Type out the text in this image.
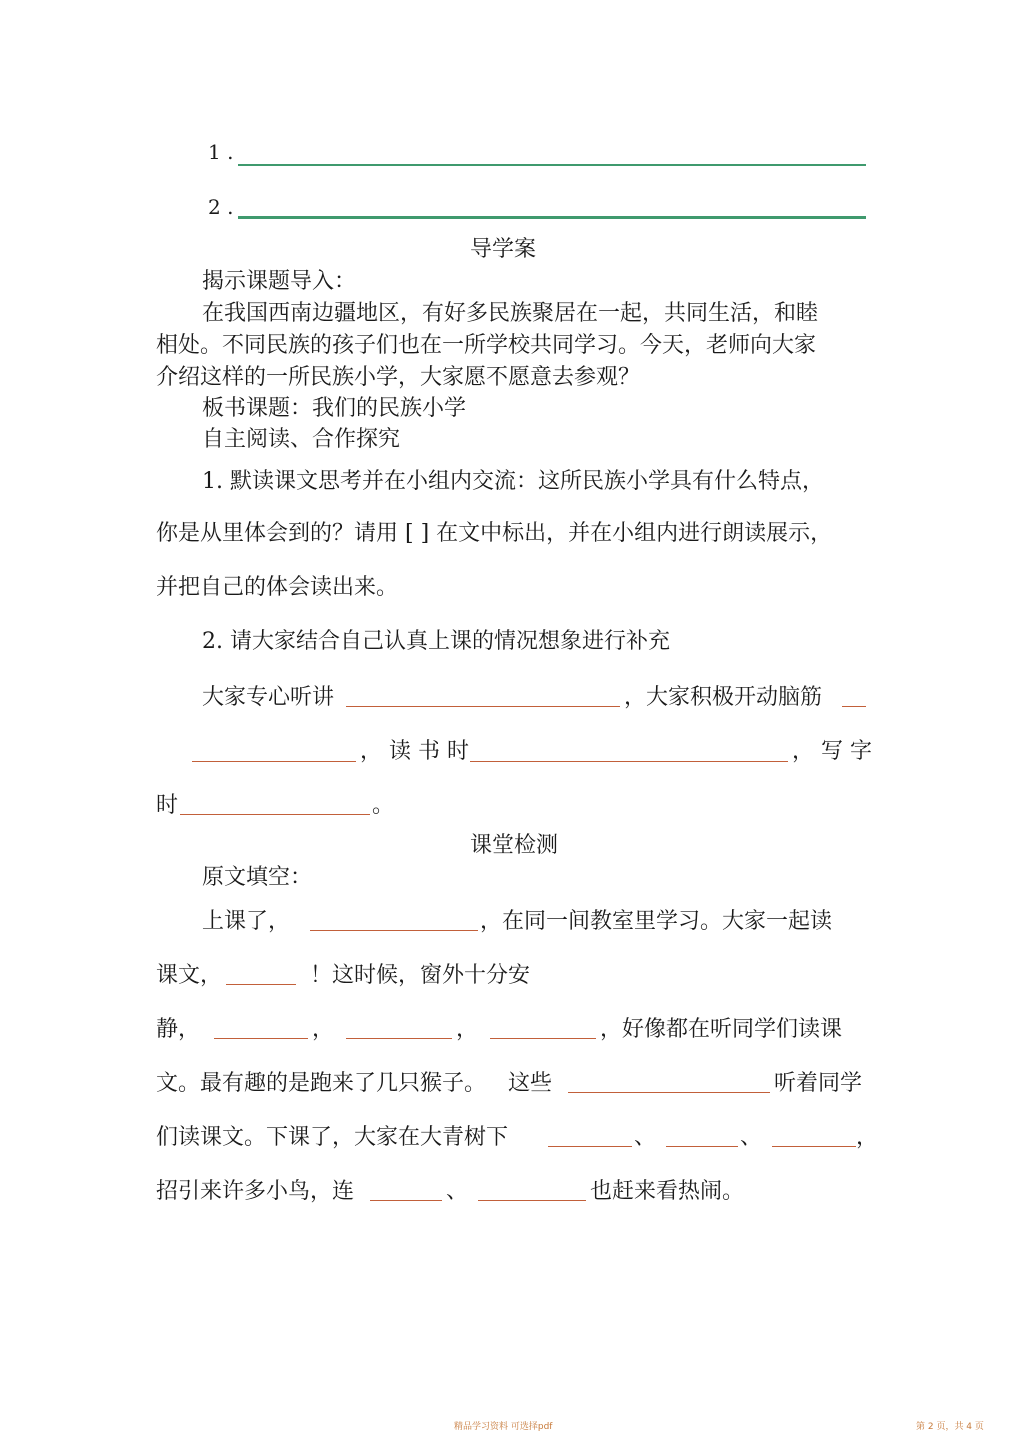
1 .
2 .
导学案
揭示课题导入：
在我国西南边疆地区，有好多民族聚居在一起，共同生活，和睦
相处。不同民族的孩子们也在一所学校共同学习。今天，老师向大家
介绍这样的一所民族小学，大家愿不愿意去参观？
板书课题：我们的民族小学
自主阅读、合作探究
1. 默读课文思考并在小组内交流：这所民族小学具有什么特点，
你是从里体会到的？请用 [ ] 在文中标出，并在小组内进行朗读展示，
并把自己的体会读出来。
2. 请大家结合自己认真上课的情况想象进行补充
大家专心听讲	，大家积极开动脑筋
， 读 书 时	， 写 字
时	。
课堂检测
原文填空：
上课了，	，在同一间教室里学习。大家一起读
课文，	！这时候，窗外十分安
静，	，	，	，好像都在听同学们读课
文。最有趣的是跑来了几只猴子。 这些	听着同学
们读课文。下课了，大家在大青树下	、	、	，
招引来许多小鸟，连	、	也赶来看热闹。
精品学习资料 可选择pdf	第 2 页，共 4 页
